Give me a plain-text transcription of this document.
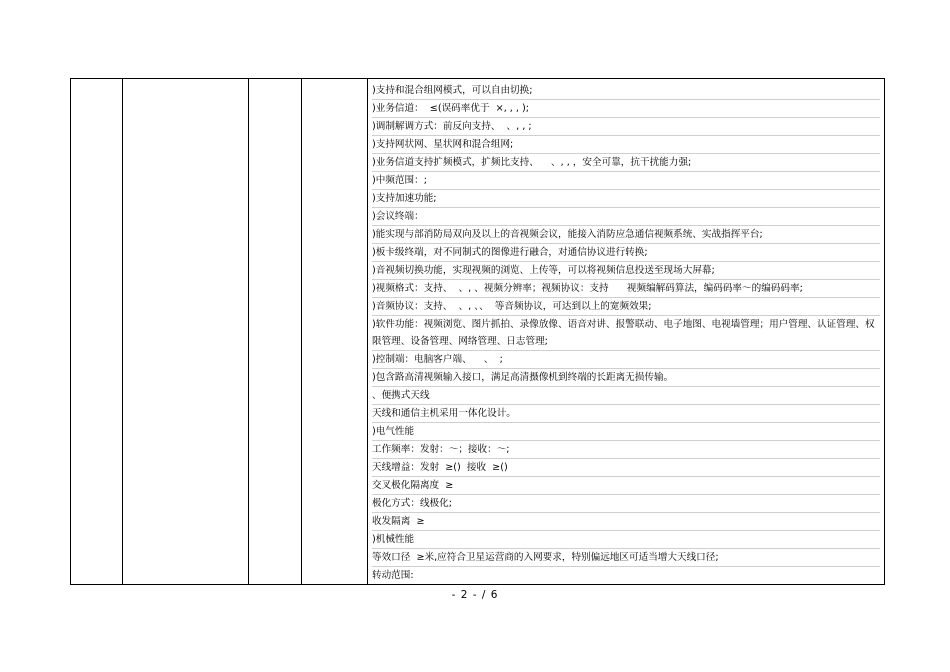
)支持和混合组网模式，可以自由切换;
)业务信道：  ≤(误码率优于  ×, , , );
)调制解调方式：前反向支持、  、, , ;
)支持网状网、星状网和混合组网;
)业务信道支持扩频模式，扩频比支持、    、, , ，安全可靠，抗干扰能力强;
)中频范围：;
)支持加速功能;
)会议终端：
)能实现与部消防局双向及以上的音视频会议，能接入消防应急通信视频系统、实战指挥平台;
)板卡级终端，对不同制式的图像进行融合，对通信协议进行转换;
)音视频切换功能，实现视频的浏览、上传等，可以将视频信息投送至现场大屏幕;
)视频格式：支持、  、, 、视频分辨率；视频协议：支持      视频编解码算法，编码码率～的编码码率;
)音频协议：支持、  、, 、、  等音频协议，可达到以上的宽频效果;
)软件功能：视频浏览、图片抓拍、录像放像、语音对讲、报警联动、电子地图、电视墙管理；用户管理、认证管理、权限管理、设备管理、网络管理、日志管理;
)控制端：电脑客户端、    、  ;
)包含路高清视频输入接口，满足高清摄像机到终端的长距离无损传输。
、便携式天线
天线和通信主机采用一体化设计。
)电气性能
工作频率：发射：～；接收：～;
天线增益：发射  ≥()  接收  ≥()
交叉极化隔离度  ≥
极化方式：线极化;
收发隔离  ≥
)机械性能
等效口径  ≥米,应符合卫星运营商的入网要求，特别偏远地区可适当增大天线口径;
转动范围:
- 2 - / 6
